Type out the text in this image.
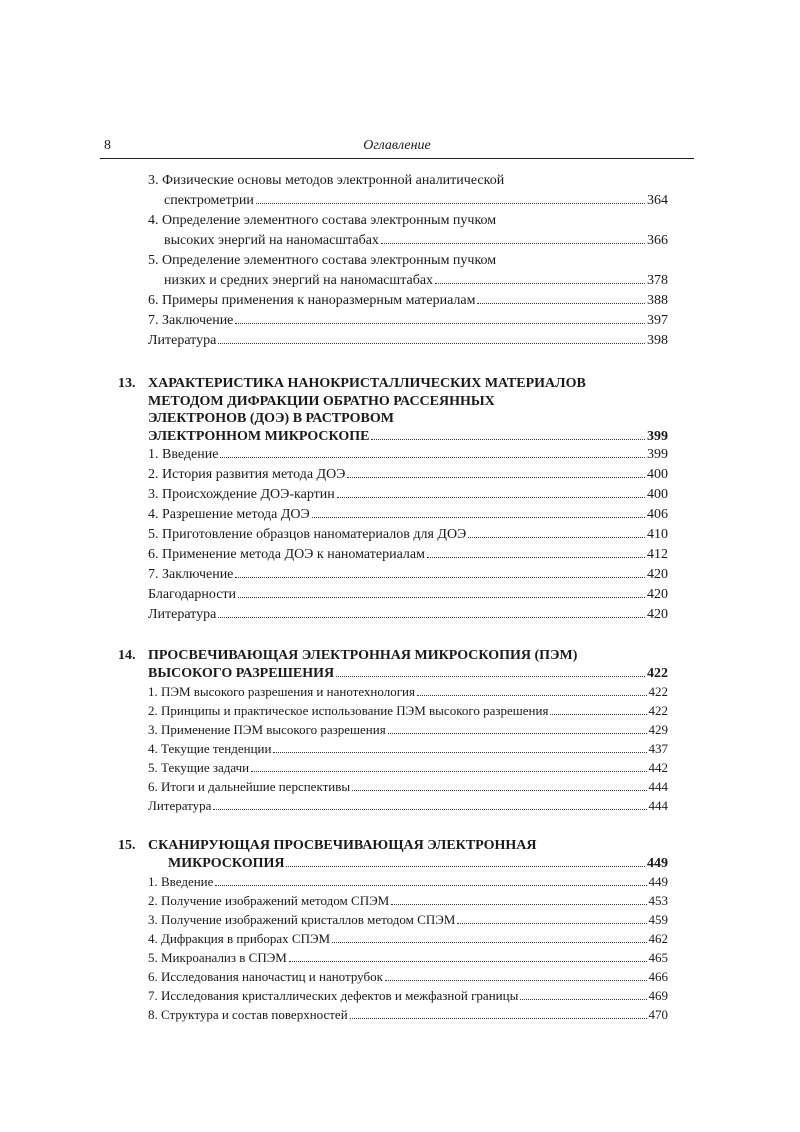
8	Оглавление
3. Физические основы методов электронной аналитической
спектрометрии	364
4. Определение элементного состава электронным пучком
высоких энергий на наномасштабах	366
5. Определение элементного состава электронным пучком
низких и средних энергий на наномасштабах	378
6. Примеры применения к наноразмерным материалам	388
7. Заключение	397
Литература	398
13. ХАРАКТЕРИСТИКА НАНОКРИСТАЛЛИЧЕСКИХ МАТЕРИАЛОВ
МЕТОДОМ ДИФРАКЦИИ ОБРАТНО РАССЕЯННЫХ
ЭЛЕКТРОНОВ (ДОЭ) В РАСТРОВОМ
ЭЛЕКТРОННОМ МИКРОСКОПЕ	399
1. Введение	399
2. История развития метода ДОЭ	400
3. Происхождение ДОЭ-картин	400
4. Разрешение метода ДОЭ	406
5. Приготовление образцов наноматериалов для ДОЭ	410
6. Применение метода ДОЭ к наноматериалам	412
7. Заключение	420
Благодарности	420
Литература	420
14. ПРОСВЕЧИВАЮЩАЯ ЭЛЕКТРОННАЯ МИКРОСКОПИЯ (ПЭМ)
ВЫСОКОГО РАЗРЕШЕНИЯ	422
1. ПЭМ высокого разрешения и нанотехнология	422
2. Принципы и практическое использование ПЭМ высокого разрешения	422
3. Применение ПЭМ высокого разрешения	429
4. Текущие тенденции	437
5. Текущие задачи	442
6. Итоги и дальнейшие перспективы	444
Литература	444
15. СКАНИРУЮЩАЯ ПРОСВЕЧИВАЮЩАЯ ЭЛЕКТРОННАЯ
МИКРОСКОПИЯ	449
1. Введение	449
2. Получение изображений методом СПЭМ	453
3. Получение изображений кристаллов методом СПЭМ	459
4. Дифракция в приборах СПЭМ	462
5. Микроанализ в СПЭМ	465
6. Исследования наночастиц и нанотрубок	466
7. Исследования кристаллических дефектов и межфазной границы	469
8. Структура и состав поверхностей	470
